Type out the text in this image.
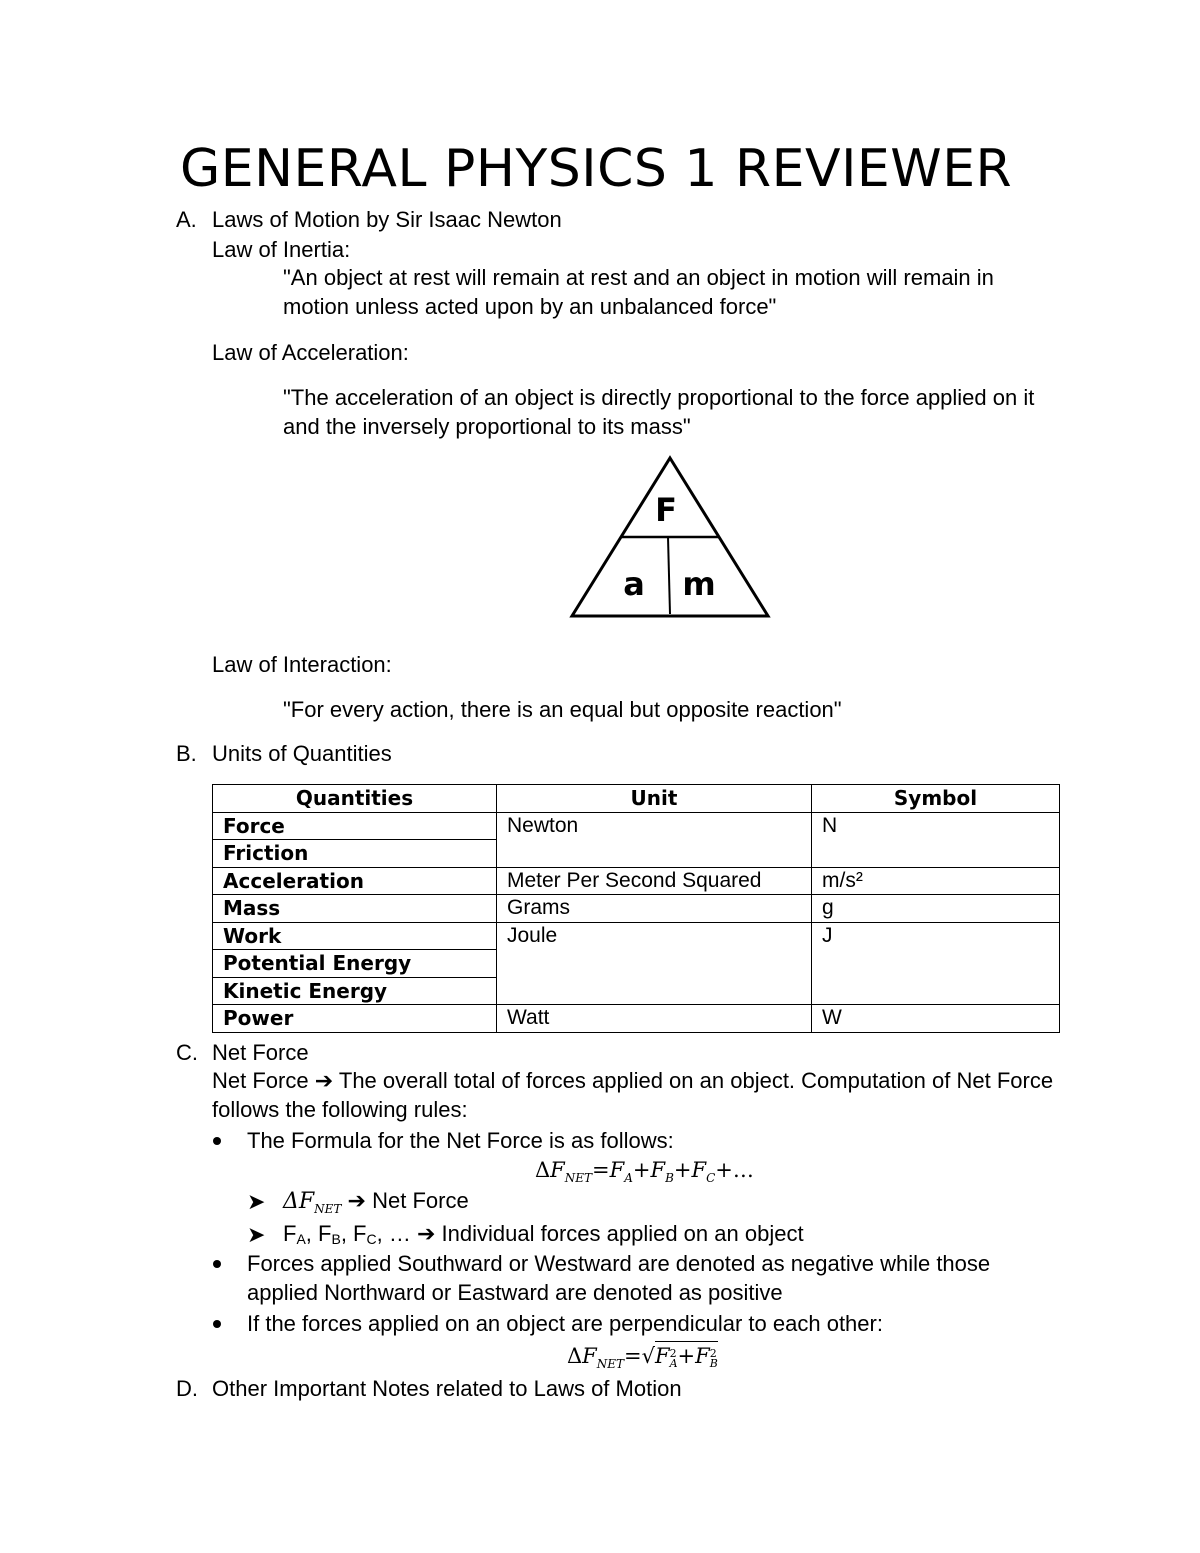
GENERAL PHYSICS 1 REVIEWER
A. Laws of Motion by Sir Isaac Newton
Law of Inertia:
"An object at rest will remain at rest and an object in motion will remain in motion unless acted upon by an unbalanced force"
Law of Acceleration:
"The acceleration of an object is directly proportional to the force applied on it and the inversely proportional to its mass"
F
a m
Law of Interaction:
"For every action, there is an equal but opposite reaction"
B. Units of Quantities
Quantities	Unit	Symbol
Force	Newton	N
Friction		
Acceleration	Meter Per Second Squared	m/s²
Mass	Grams	g
Work	Joule	J
Potential Energy		
Kinetic Energy		
Power	Watt	W
C. Net Force
Net Force ➔ The overall total of forces applied on an object. Computation of Net Force follows the following rules:
The Formula for the Net Force is as follows:
$\Delta F_{NET}=F_A+F_B+F_C+\dots$
➤ $\Delta F_{NET}$ ➔ Net Force
➤ FA, FB, FC, … ➔ Individual forces applied on an object
Forces applied Southward or Westward are denoted as negative while those applied Northward or Eastward are denoted as positive
If the forces applied on an object are perpendicular to each other:
$\Delta F_{NET}=√F$ 2
A +F 2
B
D. Other Important Notes related to Laws of Motion
